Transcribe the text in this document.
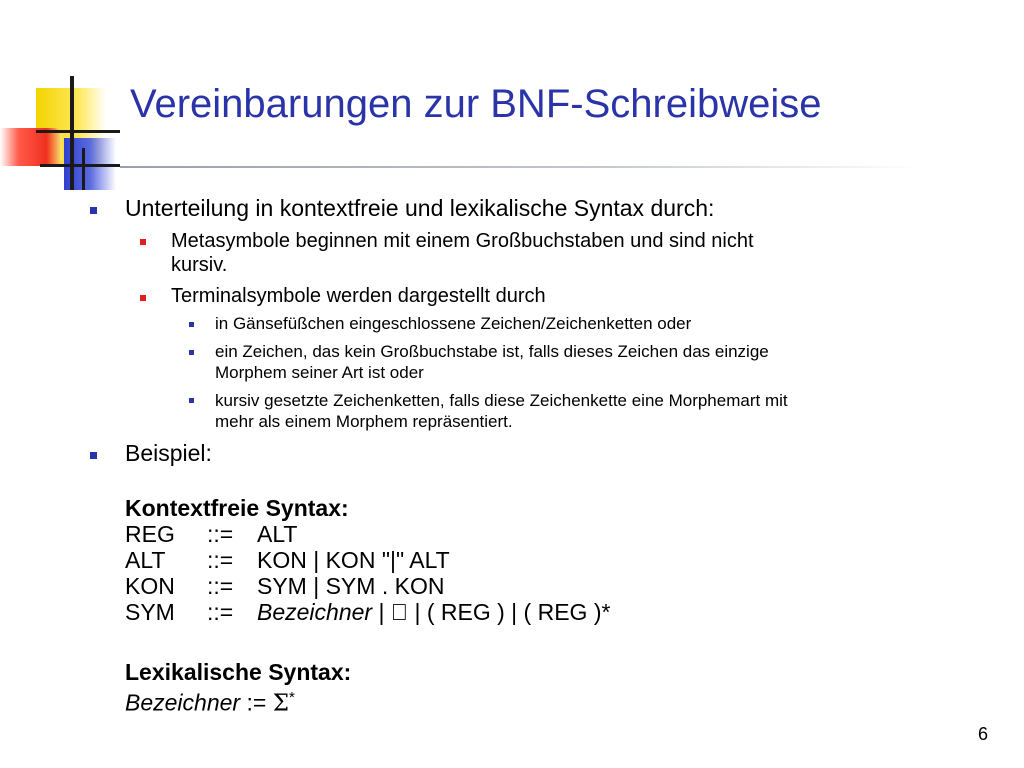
Vereinbarungen zur BNF-Schreibweise
Unterteilung in kontextfreie und lexikalische Syntax durch:
Metasymbole beginnen mit einem Großbuchstaben und sind nicht
kursiv.
Terminalsymbole werden dargestellt durch
in Gänsefüßchen eingeschlossene Zeichen/Zeichenketten oder
ein Zeichen, das kein Großbuchstabe ist, falls dieses Zeichen das einzige
Morphem seiner Art ist oder
kursiv gesetzte Zeichenketten, falls diese Zeichenkette eine Morphemart mit
mehr als einem Morphem repräsentiert.
Beispiel:
Kontextfreie Syntax:
REG ::= ALT
ALT ::= KON | KON "|" ALT
KON ::= SYM | SYM . KON
SYM ::= Bezeichner |   | ( REG ) | ( REG )*
Lexikalische Syntax:
Bezeichner := Σ*
6
